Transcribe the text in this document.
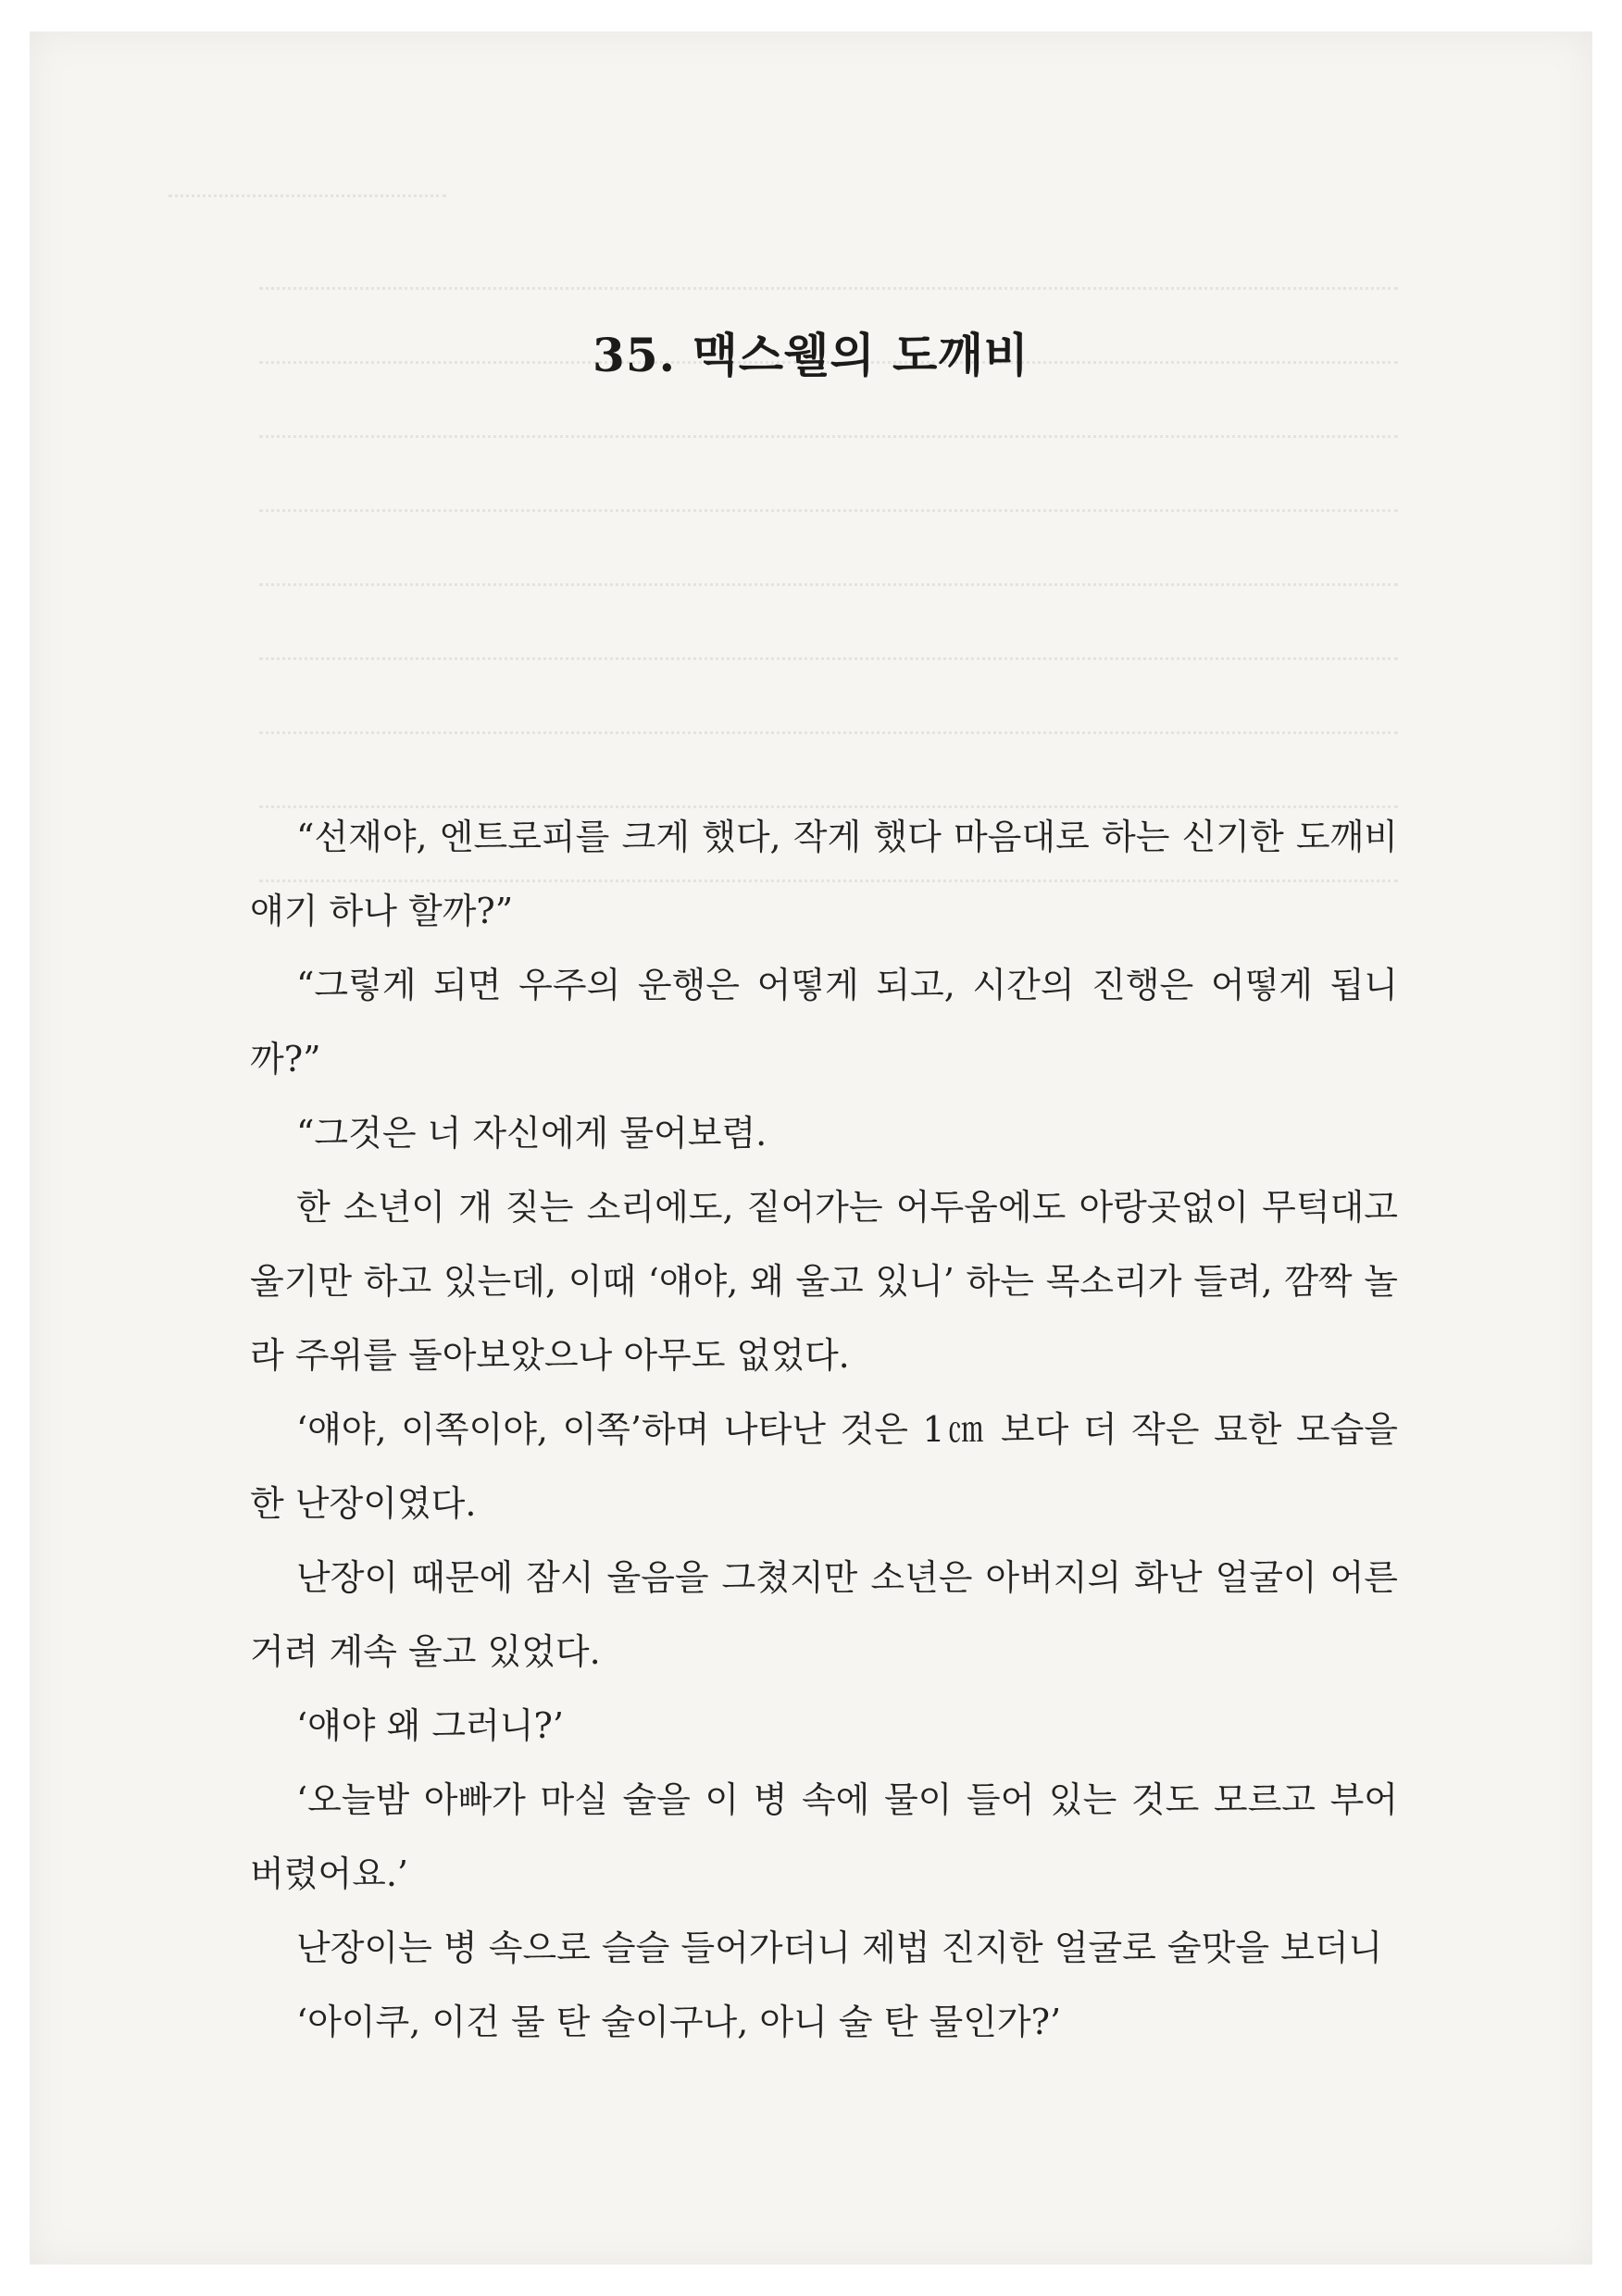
35. 맥스웰의 도깨비

“선재야, 엔트로피를 크게 했다, 작게 했다 마음대로 하는 신기한 도깨비 얘기 하나 할까?”

“그렇게 되면 우주의 운행은 어떻게 되고, 시간의 진행은 어떻게 됩니까?”

“그것은 너 자신에게 물어보렴.

한 소년이 개 짖는 소리에도, 짙어가는 어두움에도 아랑곳없이 무턱대고 울기만 하고 있는데, 이때 ‘얘야, 왜 울고 있니’ 하는 목소리가 들려, 깜짝 놀라 주위를 돌아보았으나 아무도 없었다.

‘얘야, 이쪽이야, 이쪽’하며 나타난 것은 1㎝ 보다 더 작은 묘한 모습을 한 난장이였다.

난장이 때문에 잠시 울음을 그쳤지만 소년은 아버지의 화난 얼굴이 어른거려 계속 울고 있었다.

‘얘야 왜 그러니?’

‘오늘밤 아빠가 마실 술을 이 병 속에 물이 들어 있는 것도 모르고 부어 버렸어요.’

난장이는 병 속으로 슬슬 들어가더니 제법 진지한 얼굴로 술맛을 보더니

‘아이쿠, 이건 물 탄 술이구나, 아니 술 탄 물인가?’
